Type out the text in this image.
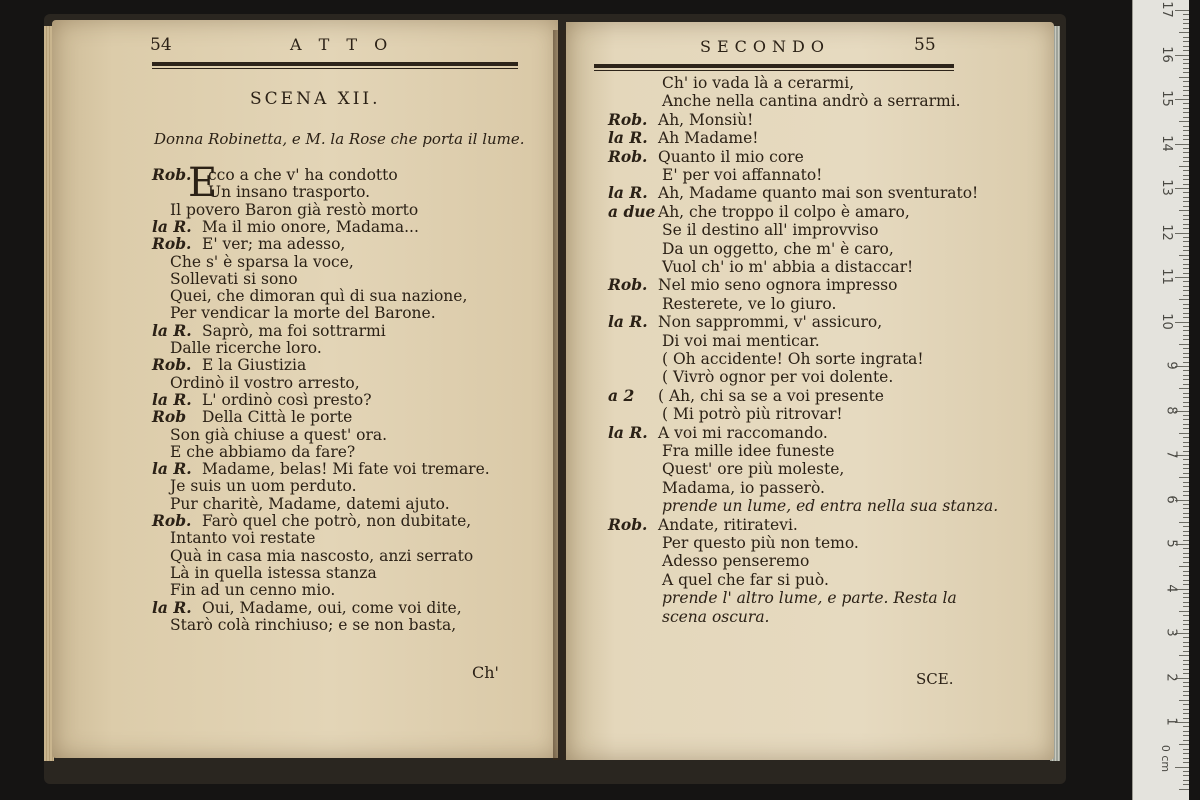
54	A T T O
SCENA XII.
Donna Robinetta, e M. la Rose che porta il lume.
E
Rob. cco a che v' ha condotto
Un insano trasporto.
Il povero Baron già restò morto
la R. Ma il mio onore, Madama...
Rob. E' ver; ma adesso,
Che s' è sparsa la voce,
Sollevati si sono
Quei, che dimoran quì di sua nazione,
Per vendicar la morte del Barone.
la R. Saprò, ma foi sottrarmi
Dalle ricerche loro.
Rob. E la Giustizia
Ordinò il vostro arresto,
la R. L' ordinò così presto?
Rob Della Città le porte
Son già chiuse a quest' ora.
E che abbiamo da fare?
la R. Madame, belas! Mi fate voi tremare.
Je suis un uom perduto.
Pur charitè, Madame, datemi ajuto.
Rob. Farò quel che potrò, non dubitate,
Intanto voi restate
Quà in casa mia nascosto, anzi serrato
Là in quella istessa stanza
Fin ad un cenno mio.
la R. Oui, Madame, oui, come voi dite,
Starò colà rinchiuso; e se non basta,
Ch'
SECONDO	55
Ch' io vada là a cerarmi,
Anche nella cantina andrò a serrarmi.
Rob. Ah, Monsiù!
la R. Ah Madame!
Rob. Quanto il mio core
E' per voi affannato!
la R. Ah, Madame quanto mai son sventurato!
a due Ah, che troppo il colpo è amaro,
Se il destino all' improvviso
Da un oggetto, che m' è caro,
Vuol ch' io m' abbia a distaccar!
Rob. Nel mio seno ognora impresso
Resterete, ve lo giuro.
la R. Non sapprommi, v' assicuro,
Di voi mai menticar.
( Oh accidente! Oh sorte ingrata!
( Vivrò ognor per voi dolente.
a 2 ( Ah, chi sa se a voi presente
( Mi potrò più ritrovar!
la R. A voi mi raccomando.
Fra mille idee funeste
Quest' ore più moleste,
Madama, io passerò.
prende un lume, ed entra nella sua stanza.
Rob. Andate, ritiratevi.
Per questo più non temo.
Adesso penseremo
A quel che far si può.
prende l' altro lume, e parte. Resta la
scena oscura.
SCE.
17
16
15
14
13
12
11
10
9
8
7
6
5
4
3
2
1
0 cm
